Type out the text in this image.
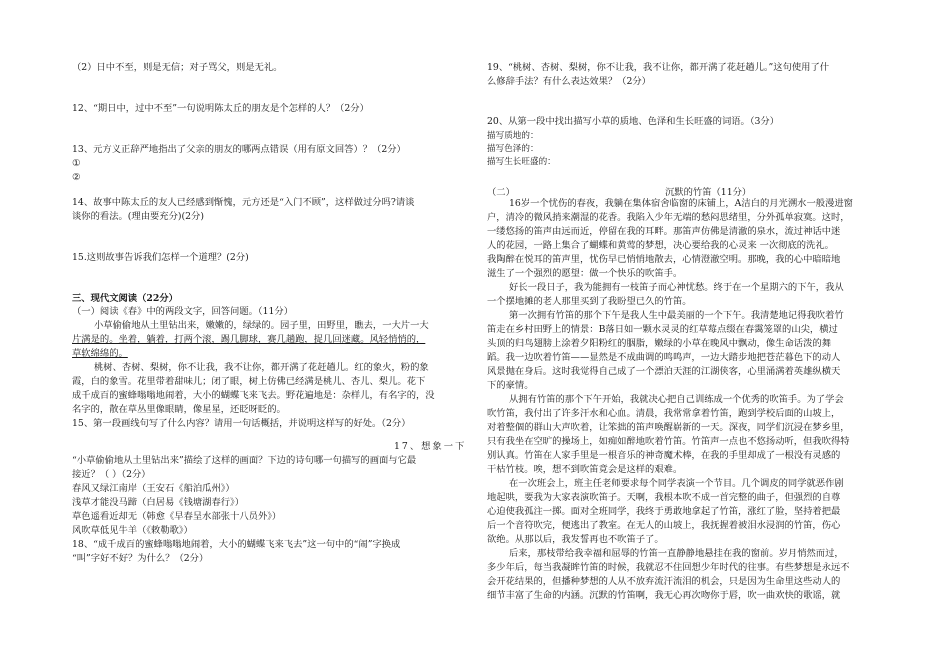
（2）日中不至，则是无信；对子骂父，则是无礼。
12、“期日中，过中不至”一句说明陈太丘的朋友是个怎样的人？（2分）
13、元方义正辞严地指出了父亲的朋友的哪两点错误（用有原文回答）？（2分）
①
②
14、故事中陈太丘的友人已经感到惭愧，元方还是“入门不顾”，这样做过分吗?请谈
谈你的看法。(理由要充分)(2分)
15.这则故事告诉我们怎样一个道理？(2分)
三、现代文阅读（22分）
（一）阅读《春》中的两段文字，回答问题。（11分）
小草偷偷地从土里钻出来，嫩嫩的，绿绿的。园子里，田野里，瞧去，一大片一大
片满是的。坐着，躺着，打两个滚，踢几脚球，赛几趟跑，捉几回迷藏。风轻悄悄的，
草软绵绵的。
桃树、杏树、梨树，你不让我，我不让你，都开满了花赶趟儿。红的象火，粉的象
霞，白的象雪。花里带着甜味儿；闭了眼，树上仿佛已经满是桃儿、杏儿、梨儿。花下
成千成百的蜜蜂嗡嗡地闹着，大小的蝴蝶飞来飞去。野花遍地是：杂样儿，有名字的，没
名字的，散在草丛里像眼睛，像星星，还眨呀眨的。
15、第一段画线句写了什么内容？请用一句话概括，并说明这样写的好处。（2分）
17、想象一下
“小草偷偷地从土里钻出来”描绘了这样的画面？下边的诗句哪一句描写的画面与它最
接近？（ ）（2分）
春风又绿江南岸（王安石《船泊瓜州》）
浅草才能没马蹄（白居易《钱塘湖春行》）
草色遥看近却无（韩愈《早春呈水部张十八员外》）
风吹草低见牛羊（《敕勒歌》）
18、“成千成百的蜜蜂嗡嗡地闹着，大小的蝴蝶飞来飞去”这一句中的“闹”字换成
“叫”字好不好？为什么？（2分）
19、“桃树、杏树、梨树，你不让我，我不让你，都开满了花赶趟儿。”这句使用了什
么修辞手法？有什么表达效果？（2分）
20、从第一段中找出描写小草的质地、色泽和生长旺盛的词语。（3分）
描写质地的：
描写色泽的：
描写生长旺盛的：
（二）	沉默的竹笛（11分）
16岁一个忧伤的春夜，我躺在集体宿舍临窗的床铺上，A洁白的月光溯水一般漫进窗
户，清冷的微风捎来潮湿的花香。我陷入少年无端的愁闷思绪里，分外孤单寂寞。这时，
一缕悠扬的笛声由远而近，停留在我的耳畔。那笛声仿佛是清澈的泉水，流过神话中迷
人的花园，一路上集合了蝴蝶和黄莺的梦想，决心要给我的心灵来 一次彻底的洗礼。
我陶醉在悦耳的笛声里，忧伤早已悄悄地散去，心情澄澈空明。那晚，我的心中暗暗地
滋生了一个强烈的愿望：做一个快乐的吹笛手。
好长一段日子，我为能拥有一枝笛子而心神忧愁。终于在一个星期六的下午，我从
一个摆地摊的老人那里买到了我盼望已久的竹笛。
第一次拥有竹笛的那个下午是我人生中最美丽的一个下午。我清楚地记得我吹着竹
笛走在乡村田野上的情景：B落日如一颗水灵灵的红草莓点缀在春霭笼罩的山尖，横过
头顶的归鸟翅膀上涂着夕阳粉红的胭脂，嫩绿的小草在晚风中飘动，像生命话泼的舞
蹈。我一边吹着竹笛——显然是不成曲调的鸣鸣声，一边大踏步地把苍茫暮色下的动人
风景抛在身后。这时我觉得自己成了一个漂泊天涯的江湖侠客，心里涌满着英雄纵横天
下的豪情。
从拥有竹笛的那个下午开始，我就决心把自己训练成一个优秀的吹笛手。为了学会
吹竹笛，我付出了许多汗水和心血。清晨，我常常拿着竹笛，跑到学校后面的山坡上，
对着整個的群山大声吹着，让笨拙的笛声唤醒崭新的一天。深夜，同学们沉浸在梦乡里，
只有我坐在空旷的操场上，如痴如醉地吹着竹笛。竹笛声一点也不悠扬动听，但我吹得特
别认真。竹笛在人家手里是一根音乐的神奇魔术棒，在我的手里却成了一根没有灵感的
干枯竹枝。唉，想不到吹笛竟会是这样的艰难。
在一次班会上，班主任老师要求每个同学表演一个节目。几个调皮的同学就恶作剧
地起哄，要我为大家表演吹笛子。天啊，我根本吹不成一首完整的曲子，但强烈的自尊
心迫使我孤注一掷。面对全班同学，我终于勇敢地拿起了竹笛，涨红了脸，坚持着把最
后一个音符吹完，便逃出了教室。在无人的山坡上，我抚握着被泪水浸润的竹笛，伤心
欲绝。从那以后，我发誓再也不吹笛子了。
后来，那枝带给我幸福和屈辱的竹笛一直静静地悬挂在我的窗前。岁月悄然而过，
多少年后，每当我凝眸竹笛的时候，我就忍不住回想少年时代的往事。有些梦想是永远不
会开花结果的，但播种梦想的人从不放弃流汗流泪的机会，只是因为生命里这些动人的
细节丰富了生命的内涵。沉默的竹笛啊，我无心再次吻你于唇，吹一曲欢快的歌谣，就
